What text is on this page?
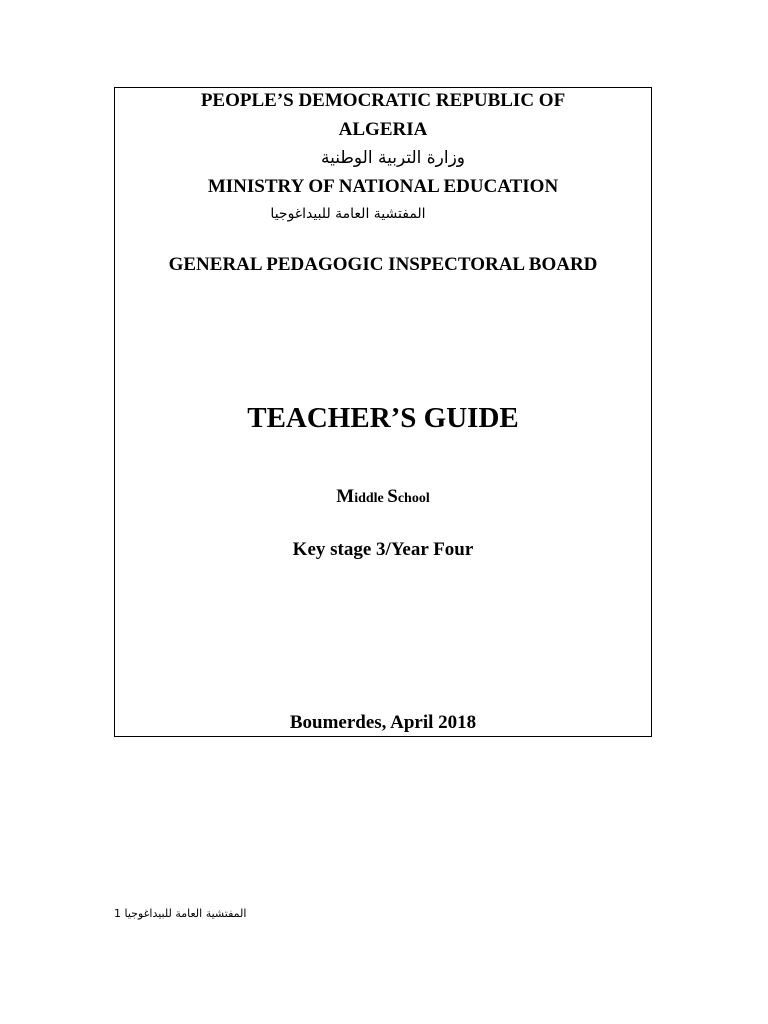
PEOPLE’S DEMOCRATIC REPUBLIC OF
ALGERIA
وزارة التربية الوطنية
MINISTRY OF NATIONAL EDUCATION
المفتشية العامة للبيداغوجيا
GENERAL PEDAGOGIC INSPECTORAL BOARD
TEACHER’S GUIDE
Middle School
Key stage 3/Year Four
Boumerdes, April 2018
1 المفتشية العامة للبيداغوجيا
